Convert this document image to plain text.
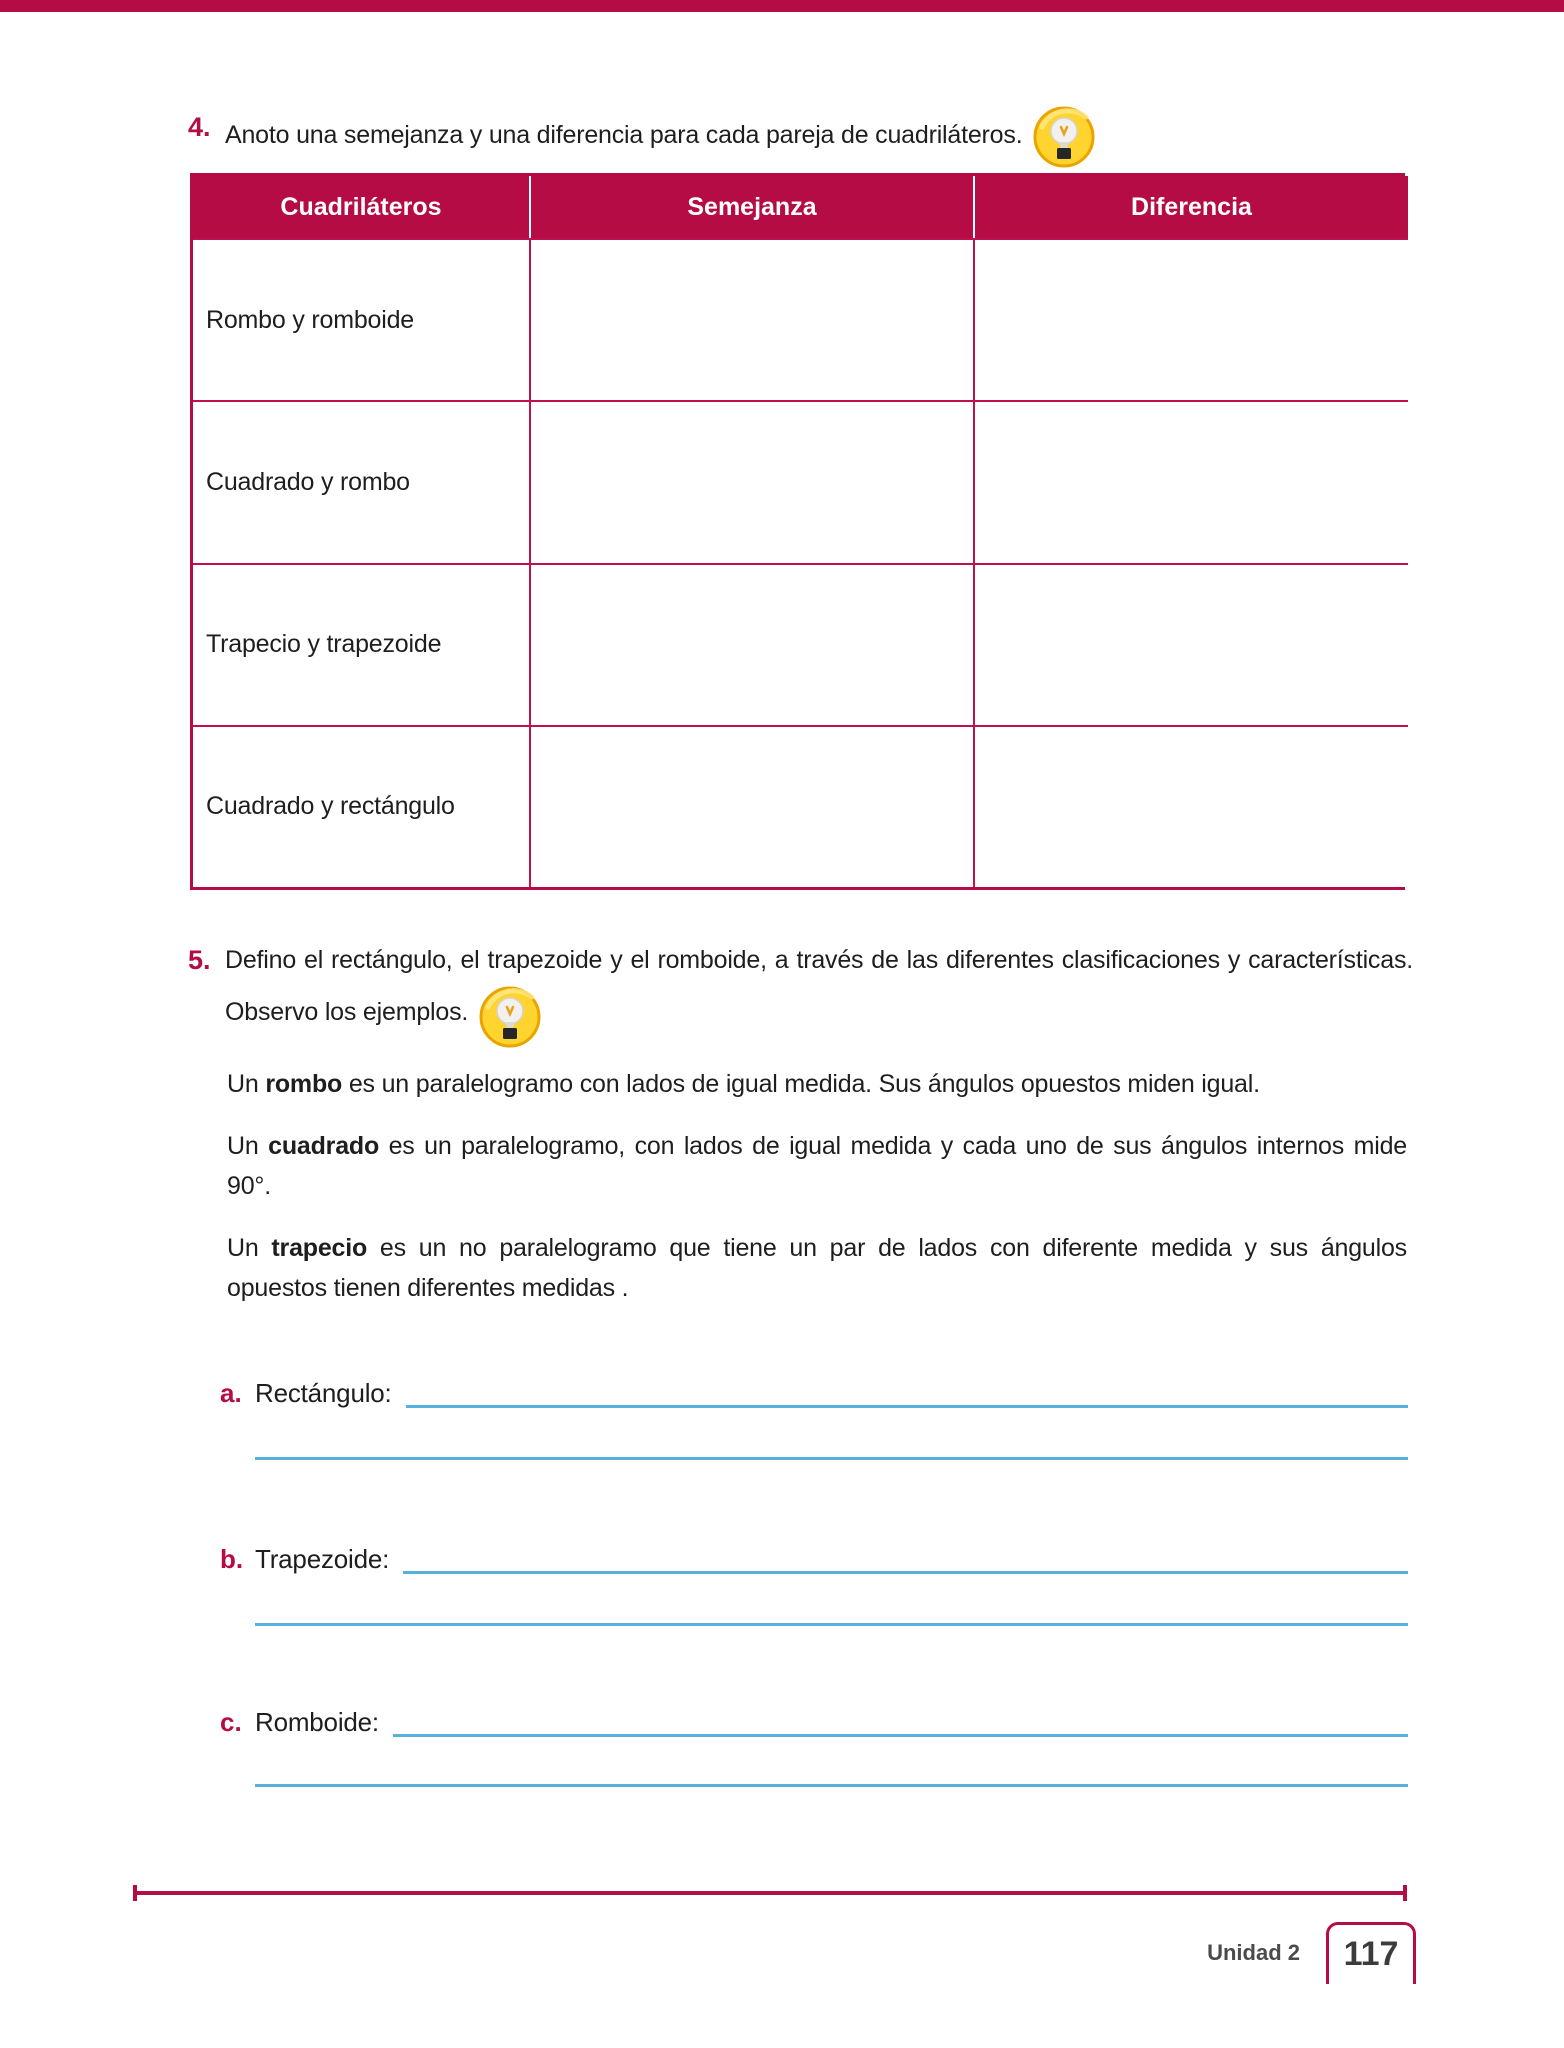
4. Anoto una semejanza y una diferencia para cada pareja de cuadriláteros.
Cuadriláteros	Semejanza	Diferencia
Rombo y romboide
Cuadrado y rombo
Trapecio y trapezoide
Cuadrado y rectángulo
5. Defino el rectángulo, el trapezoide y el romboide, a través de las diferentes clasificaciones y características. Observo los ejemplos.

Un rombo es un paralelogramo con lados de igual medida. Sus ángulos opuestos miden igual.

Un cuadrado es un paralelogramo, con lados de igual medida y cada uno de sus ángulos internos mide 90°.

Un trapecio es un no paralelogramo que tiene un par de lados con diferente medida y sus ángulos opuestos tienen diferentes medidas .

a. Rectángulo:
b. Trapezoide:
c. Romboide:
Unidad 2 117
